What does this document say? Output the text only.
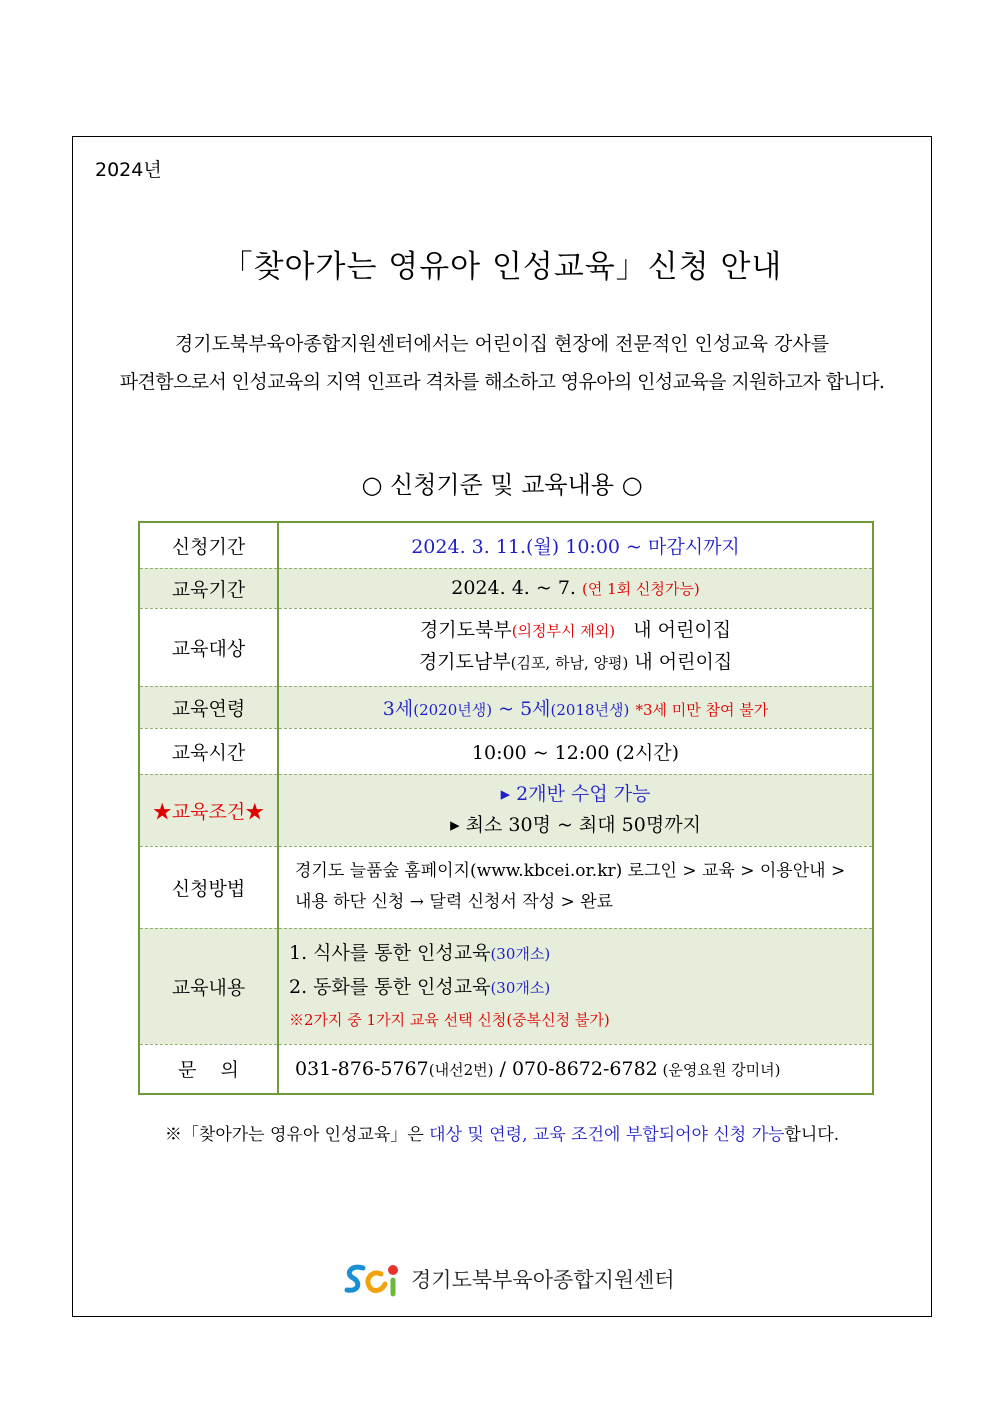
2024년
「찾아가는 영유아 인성교육」신청 안내
경기도북부육아종합지원센터에서는 어린이집 현장에 전문적인 인성교육 강사를
파견함으로서 인성교육의 지역 인프라 격차를 해소하고 영유아의 인성교육을 지원하고자 합니다.
○ 신청기준 및 교육내용 ○
신청기간	2024. 3. 11.(월) 10:00 ~ 마감시까지
교육기간	2024. 4. ~ 7. (연 1회 신청가능)
교육대상	경기도북부(의정부시 제외) 내 어린이집
경기도남부(김포, 하남, 양평) 내 어린이집

교육연령	3세(2020년생) ~ 5세(2018년생) *3세 미만 참여 불가
교육시간	10:00 ~ 12:00 (2시간)
★교육조건★	▸ 2개반 수업 가능
▸ 최소 30명 ~ 최대 50명까지

신청방법	경기도 늘품숲 홈페이지(www.kbcei.or.kr) 로그인 > 교육 > 이용안내 >
내용 하단 신청 → 달력 신청서 작성 > 완료

교육내용	1. 식사를 통한 인성교육(30개소)
2. 동화를 통한 인성교육(30개소)
※2가지 중 1가지 교육 선택 신청(중복신청 불가)

문 의	031-876-5767(내선2번) / 070-8672-6782 (운영요원 강미녀)
※「찾아가는 영유아 인성교육」은 대상 및 연령, 교육 조건에 부합되어야 신청 가능합니다.
경기도북부육아종합지원센터
